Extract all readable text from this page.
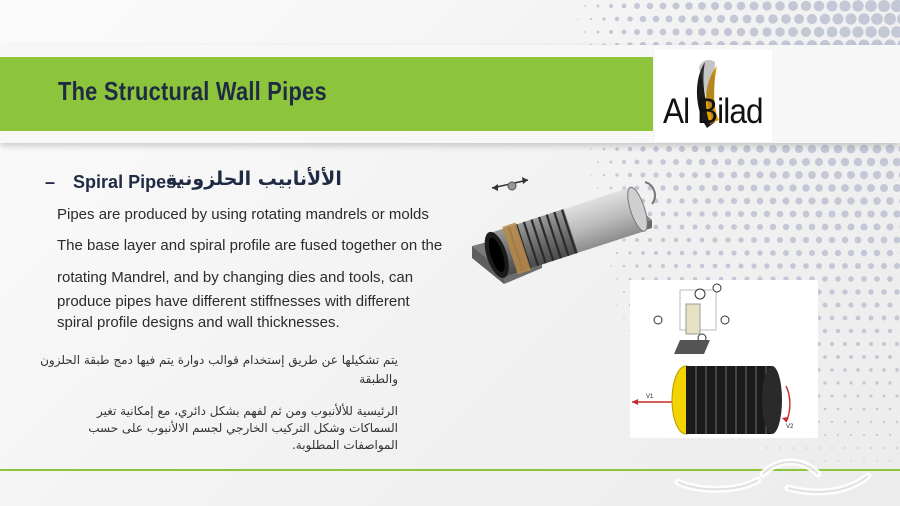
The Structural Wall Pipes
Al Bilad
– Spiral Pipes.
الألأنابيب الحلزونية
Pipes are produced by using rotating mandrels or molds
The base layer and spiral profile are fused together on the
rotating Mandrel, and by changing dies and tools, can
produce pipes have different stiffnesses with different
spiral profile designs and wall thicknesses.
يتم تشكيلها عن طريق إستخدام قوالب دوارة يتم فيها دمج طبقة الحلزون
والطبقة
الرئيسية للألأنبوب ومن ثم لفهم بشكل دائري، مع إمكانية تغير
السماكات وشكل التركيب الخارجي لجسم الالأنبوب على حسب
المواصفات المطلوبة.
V1
V2
